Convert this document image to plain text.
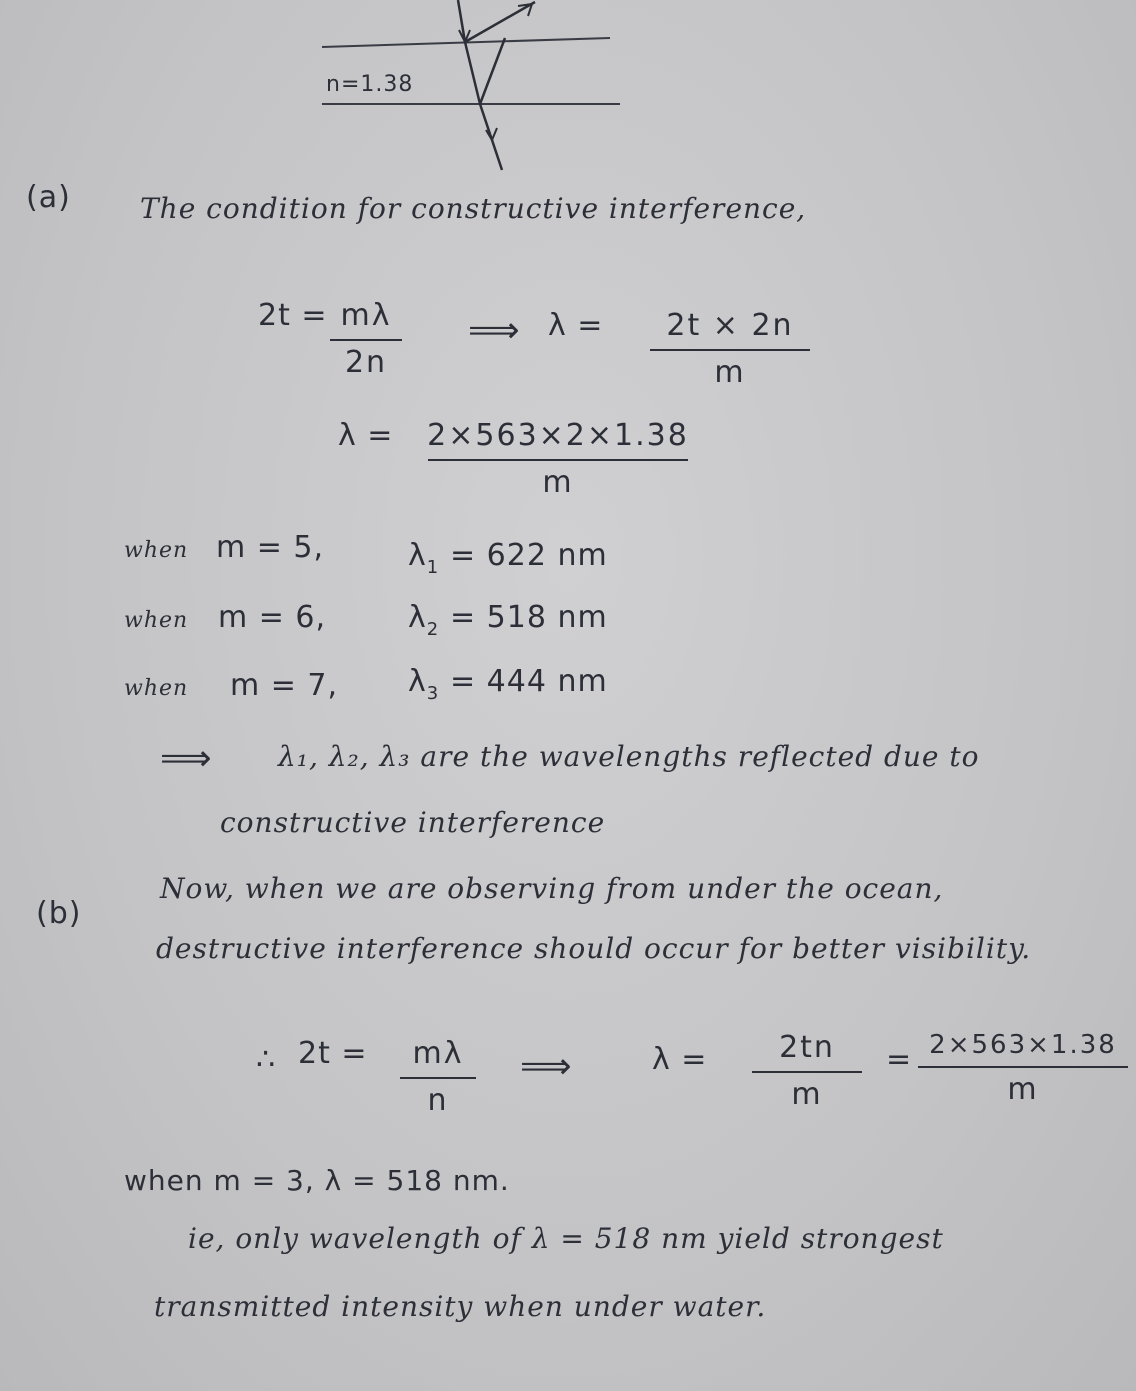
n=1.38
(a) The condition for constructive interference,
2t = mλ
2n
⟹ λ = 2t × 2n
m
λ = 2×563×2×1.38
m
when m = 5,	$\lambda_1 = 622$ nm
when m = 6,	$\lambda_2 = 518$ nm
when m = 7, $\lambda_3 = 444$ nm
⟹ λ₁, λ₂, λ₃ are the wavelengths reflected due to
constructive interference
(b)
Now, when we are observing from under the ocean,
destructive interference should occur for better visibility.
∴ 2t = mλ
n
⟹	λ = 2tn
m
= 2×563×1.38
m
when m = 3, λ = 518 nm.
ie, only wavelength of λ = 518 nm yield strongest
transmitted intensity when under water.
